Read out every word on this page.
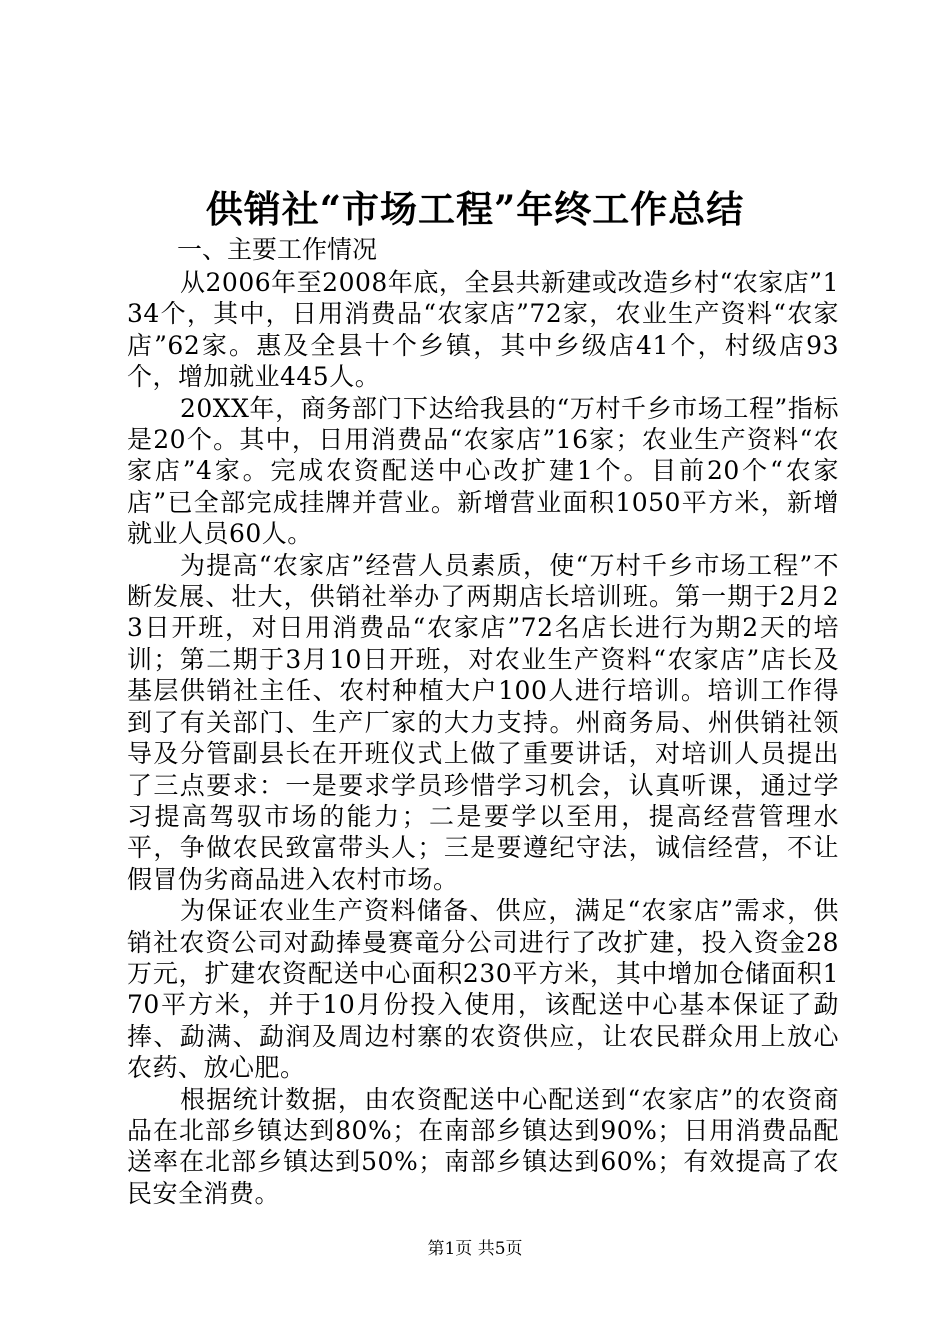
供销社“市场工程”年终工作总结

一、主要工作情况

从2006年至2008年底，全县共新建或改造乡村“农家店”134个，其中，日用消费品“农家店”72家，农业生产资料“农家店”62家。惠及全县十个乡镇，其中乡级店41个，村级店93个，增加就业445人。

20XX年，商务部门下达给我县的“万村千乡市场工程”指标是20个。其中，日用消费品“农家店”16家；农业生产资料“农家店”4家。完成农资配送中心改扩建1个。目前20个“农家店”已全部完成挂牌并营业。新增营业面积1050平方米，新增就业人员60人。

为提高“农家店”经营人员素质，使“万村千乡市场工程”不断发展、壮大，供销社举办了两期店长培训班。第一期于2月23日开班，对日用消费品“农家店”72名店长进行为期2天的培训；第二期于3月10日开班，对农业生产资料“农家店”店长及基层供销社主任、农村种植大户100人进行培训。培训工作得到了有关部门、生产厂家的大力支持。州商务局、州供销社领导及分管副县长在开班仪式上做了重要讲话，对培训人员提出了三点要求：一是要求学员珍惜学习机会，认真听课，通过学习提高驾驭市场的能力；二是要学以至用，提高经营管理水平，争做农民致富带头人；三是要遵纪守法，诚信经营，不让假冒伪劣商品进入农村市场。

为保证农业生产资料储备、供应，满足“农家店”需求，供销社农资公司对勐捧曼赛竜分公司进行了改扩建，投入资金28万元，扩建农资配送中心面积230平方米，其中增加仓储面积170平方米，并于10月份投入使用，该配送中心基本保证了勐捧、勐满、勐润及周边村寨的农资供应，让农民群众用上放心农药、放心肥。

根据统计数据，由农资配送中心配送到“农家店”的农资商品在北部乡镇达到80%；在南部乡镇达到90%；日用消费品配送率在北部乡镇达到50%；南部乡镇达到60%；有效提高了农民安全消费。

第1页 共5页
